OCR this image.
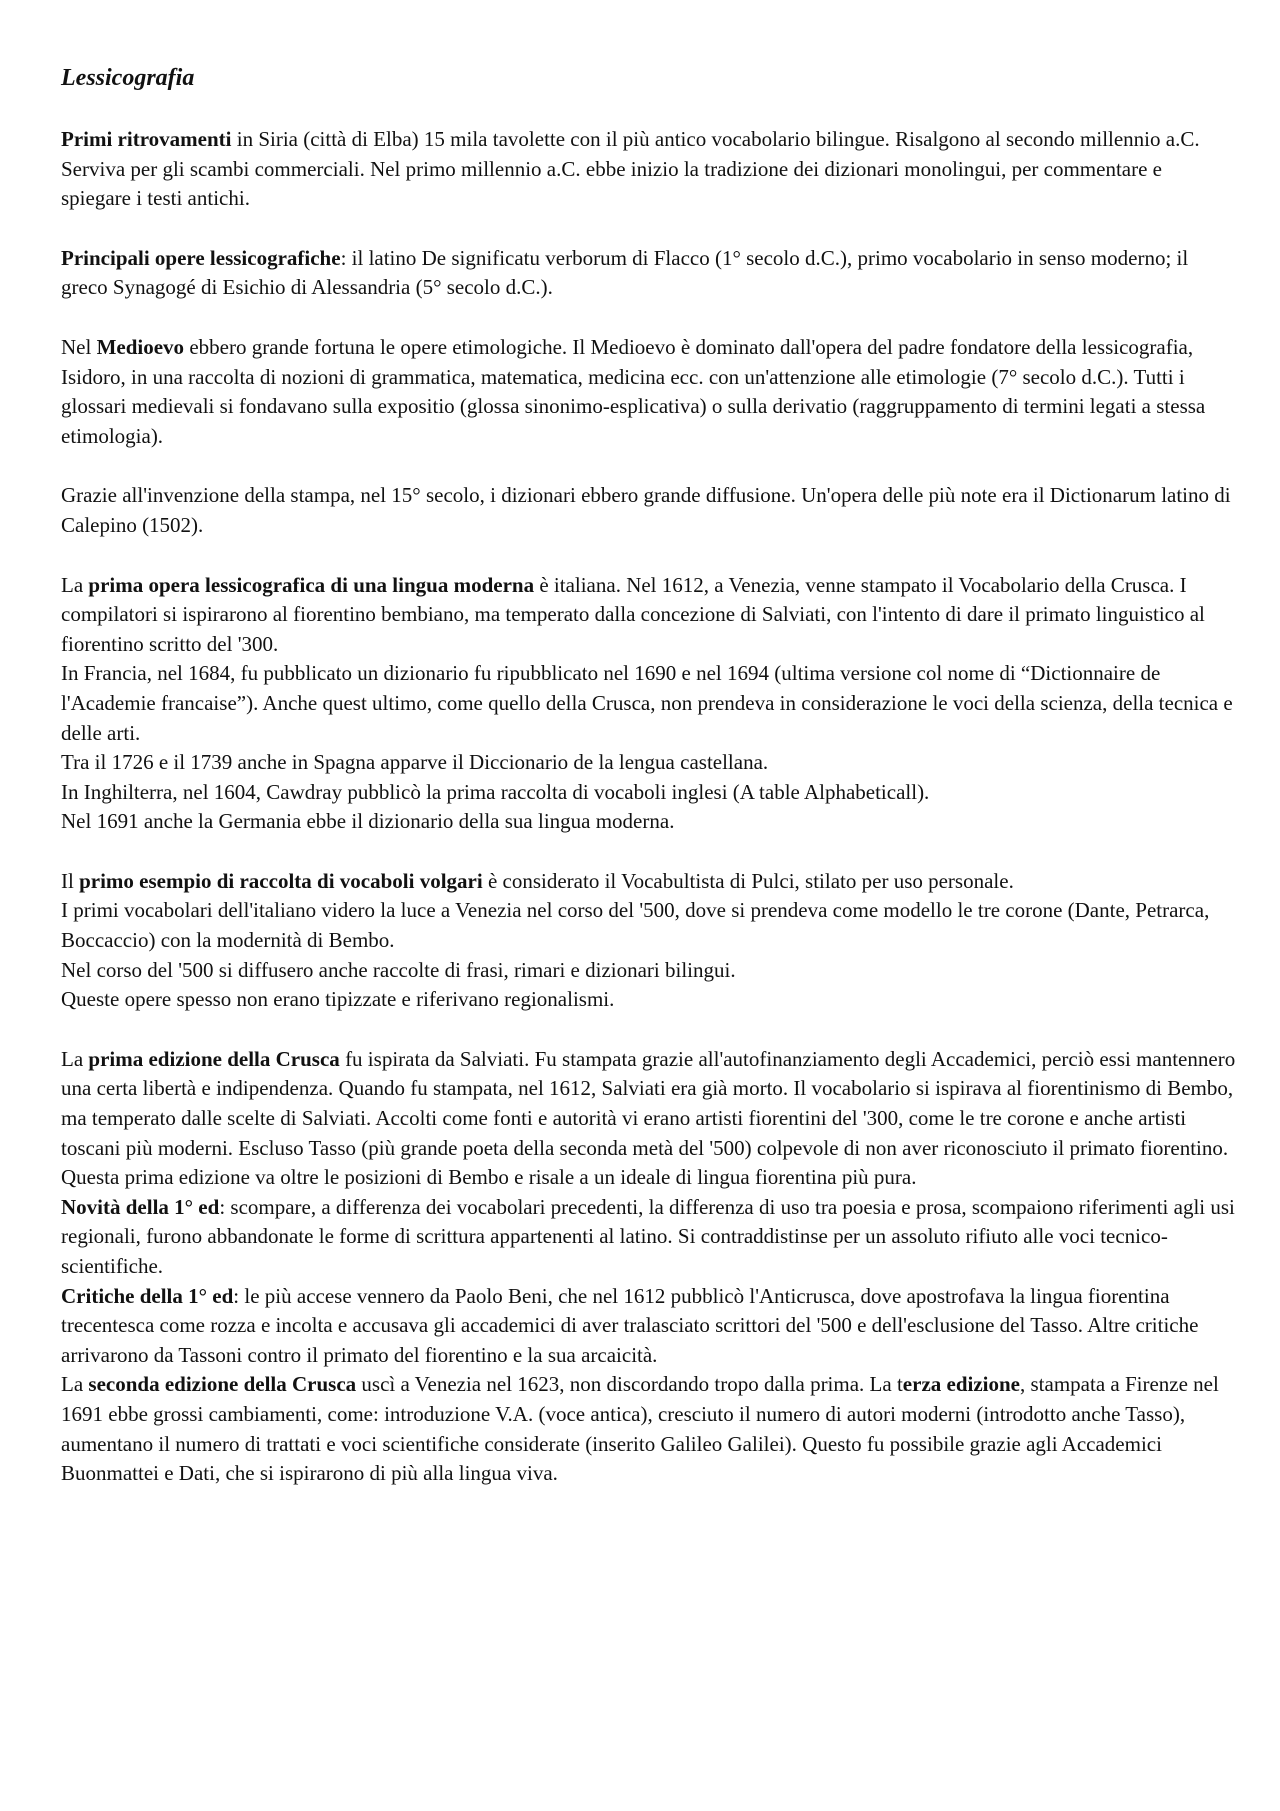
Lessicografia

Primi ritrovamenti in Siria (città di Elba) 15 mila tavolette con il più antico vocabolario bilingue. Risalgono al secondo millennio a.C. Serviva per gli scambi commerciali. Nel primo millennio a.C. ebbe inizio la tradizione dei dizionari monolingui, per commentare e spiegare i testi antichi.

Principali opere lessicografiche: il latino De significatu verborum di Flacco (1° secolo d.C.), primo vocabolario in senso moderno; il greco Synagogé di Esichio di Alessandria (5° secolo d.C.).

Nel Medioevo ebbero grande fortuna le opere etimologiche. Il Medioevo è dominato dall'opera del padre fondatore della lessicografia, Isidoro, in una raccolta di nozioni di grammatica, matematica, medicina ecc. con un'attenzione alle etimologie (7° secolo d.C.). Tutti i glossari medievali si fondavano sulla expositio (glossa sinonimo-esplicativa) o sulla derivatio (raggruppamento di termini legati a stessa etimologia).

Grazie all'invenzione della stampa, nel 15° secolo, i dizionari ebbero grande diffusione. Un'opera delle più note era il Dictionarum latino di Calepino (1502).

La prima opera lessicografica di una lingua moderna è italiana. Nel 1612, a Venezia, venne stampato il Vocabolario della Crusca. I compilatori si ispirarono al fiorentino bembiano, ma temperato dalla concezione di Salviati, con l'intento di dare il primato linguistico al fiorentino scritto del '300.

In Francia, nel 1684, fu pubblicato un dizionario fu ripubblicato nel 1690 e nel 1694 (ultima versione col nome di “Dictionnaire de l'Academie francaise”). Anche quest ultimo, come quello della Crusca, non prendeva in considerazione le voci della scienza, della tecnica e delle arti.

Tra il 1726 e il 1739 anche in Spagna apparve il Diccionario de la lengua castellana.

In Inghilterra, nel 1604, Cawdray pubblicò la prima raccolta di vocaboli inglesi (A table Alphabeticall).

Nel 1691 anche la Germania ebbe il dizionario della sua lingua moderna.

Il primo esempio di raccolta di vocaboli volgari è considerato il Vocabultista di Pulci, stilato per uso personale.

I primi vocabolari dell'italiano videro la luce a Venezia nel corso del '500, dove si prendeva come modello le tre corone (Dante, Petrarca, Boccaccio) con la modernità di Bembo.

Nel corso del '500 si diffusero anche raccolte di frasi, rimari e dizionari bilingui.

Queste opere spesso non erano tipizzate e riferivano regionalismi.

La prima edizione della Crusca fu ispirata da Salviati. Fu stampata grazie all'autofinanziamento degli Accademici, perciò essi mantennero una certa libertà e indipendenza. Quando fu stampata, nel 1612, Salviati era già morto. Il vocabolario si ispirava al fiorentinismo di Bembo, ma temperato dalle scelte di Salviati. Accolti come fonti e autorità vi erano artisti fiorentini del '300, come le tre corone e anche artisti toscani più moderni. Escluso Tasso (più grande poeta della seconda metà del '500) colpevole di non aver riconosciuto il primato fiorentino. Questa prima edizione va oltre le posizioni di Bembo e risale a un ideale di lingua fiorentina più pura.

Novità della 1° ed: scompare, a differenza dei vocabolari precedenti, la differenza di uso tra poesia e prosa, scompaiono riferimenti agli usi regionali, furono abbandonate le forme di scrittura appartenenti al latino. Si contraddistinse per un assoluto rifiuto alle voci tecnico-scientifiche.

Critiche della 1° ed: le più accese vennero da Paolo Beni, che nel 1612 pubblicò l'Anticrusca, dove apostrofava la lingua fiorentina trecentesca come rozza e incolta e accusava gli accademici di aver tralasciato scrittori del '500 e dell'esclusione del Tasso. Altre critiche arrivarono da Tassoni contro il primato del fiorentino e la sua arcaicità.

La seconda edizione della Crusca uscì a Venezia nel 1623, non discordando tropo dalla prima. La terza edizione, stampata a Firenze nel 1691 ebbe grossi cambiamenti, come: introduzione V.A. (voce antica), cresciuto il numero di autori moderni (introdotto anche Tasso), aumentano il numero di trattati e voci scientifiche considerate (inserito Galileo Galilei). Questo fu possibile grazie agli Accademici Buonmattei e Dati, che si ispirarono di più alla lingua viva.
